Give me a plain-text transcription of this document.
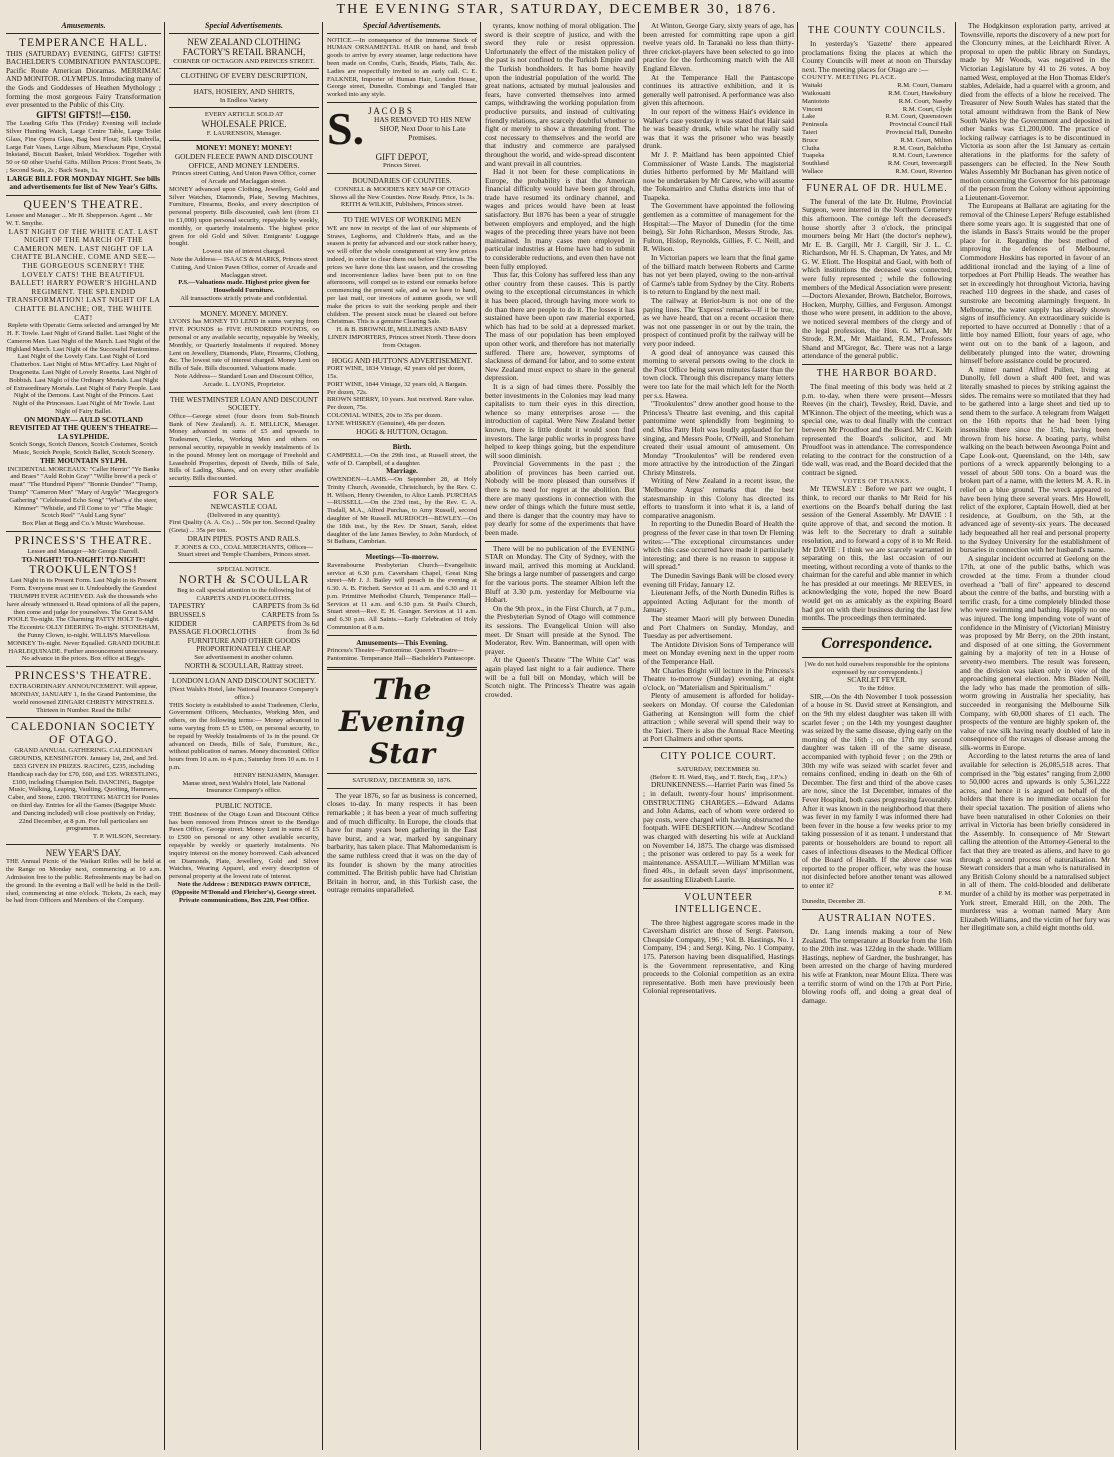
THE EVENING STAR, SATURDAY, DECEMBER 30, 1876.
Amusements.
TEMPERANCE HALL.
THIS (SATURDAY) EVENING, GIFTS! GIFTS! BACHELDER'S COMBINATION PANTASCOPE. Pacific Route American Dioramas. MERRIMAC AND MONITOR. OLYMPUS. Introducing many of the Gods and Goddesses of Heathen Mythology ; forming the most gorgeous Fairy Transformation ever presented to the Public of this City.
GIFTS! GIFTS!!—£150.
The Leading Gifts This (Friday) Evening will include Silver Hunting Watch, Large Centre Table, Large Toilet Glass, Fine Opera Glass, Bag best Flour, Silk Umbrella, Large Fair Vases, Large Album, Marschaum Pipe, Crystal Inkstand, Biscuit Basket, Inlaid Workbox. Together with 50 or 60 other Useful Gifts. Million Prices: Front Seats, 3s ; Second Seats, 2s ; Back Seats, 1s.
LARGE BILL FOR MONDAY NIGHT. See bills and advertisements for list of New Year's Gifts.
QUEEN'S THEATRE.
Lessee and Manager ... Mr H. Shepperson. Agent ... Mr W. T. Smythe.
LAST NIGHT OF THE WHITE CAT. LAST NIGHT OF THE MARCH OF THE CAMERON MEN. LAST NIGHT OF LA CHATTE BLANCHE. COME AND SEE— THE GORGEOUS SCENERY! THE LOVELY CATS! THE BEAUTIFUL BALLET! HARRY POWER'S HIGHLAND REGIMENT. THE SPLENDID TRANSFORMATION! LAST NIGHT OF LA CHATTE BLANCHE; OR, THE WHITE CAT!
Replete with Operatic Gems selected and arranged by Mr H. F. Towle. Last Night of Grand Ballet. Last Night of the Cameron Men. Last Night of the March. Last Night of the Highland March. Last Night of the Successful Pantomime. Last Night of the Lovely Cats. Last Night of Lord Chatterbox. Last Night of Miss M'Caffry. Last Night of Dragonetta. Last Night of Lovely Rosetta. Last Night of Bobbish. Last Night of the Ordinary Mortals. Last Night of Extraordinary Mortals. Last Night of Fairy People. Last Night of the Demons. Last Night of the Princes. Last Night of the Princesses. Last Night of Mr Towle. Last Night of Fairy Ballet.
ON MONDAY— AULD SCOTLAND REVISITED AT THE QUEEN'S THEATRE— LA SYLPHIDE.
Scotch Songs, Scotch Dances, Scotch Costumes, Scotch Music, Scotch People, Scotch Ballet, Scotch Scenery.
THE MOUNTAIN SYLPH.
INCIDENTAL MORCEAUX: "Caller Herrin" "Ye Banks and Braes" "Auld Robin Gray" "Willie brew'd a peck o' maut" "The Hundred Pipers" "Bonnie Dundee" "Tramp, Tramp" "Cameron Men" "Mary of Argyle" "Macgregor's Gathering" "Celebrated Echo Song" "What's a' the steer, Kimmer" "Whistle, and I'll Come to ye" "The Magic Scotch Reel" "Auld Lang Syne"
Box Plan at Begg and Co.'s Music Warehouse.
PRINCESS'S THEATRE.
Lessee and Manager—Mr George Darrell.
TO-NIGHT! TO-NIGHT! TO-NIGHT!
TROOKULENTOS!
Last Night in its Present Form. Last Night in its Present Form. Everyone must see it. Undoubtedly the Grandest TRIUMPH EVER ACHIEVED. Ask the thousands who have already witnessed it. Read opinions of all the papers, then come and judge for yourselves. The Great SAM POOLE To-night. The Charming PATTY HOLT To-night. The Eccentric OLLY DEERING To-night. STONEHAM, the Funny Clown, to-night. WILLIS'S Marvellous MONKEY To-night. Never Equalled. GRAND DOUBLE HARLEQUINADE. Further announcement unnecessary. No advance in the prices. Box office at Begg's.
PRINCESS'S THEATRE.
EXTRAORDINARY ANNOUNCEMENT. Will appear, MONDAY, JANUARY 1, In the Grand Pantomime, the world renowned ZINGARI CHRISTY MINSTRELS. Thirteen in Number. Read the Bills!
CALEDONIAN SOCIETY OF OTAGO.
GRAND ANNUAL GATHERING. CALEDONIAN GROUNDS, KENSINGTON. January 1st, 2nd, and 3rd. £833 GIVEN IN PRIZES. RACING, £235, including Handicap each day for £70, £60, and £35. WRESTLING, £100, including Champion Belt. DANCING, Bagpipe Music, Walking, Leaping, Vaulting, Quoiting, Hammers, Caber, and Stone, £200. TROTTING MATCH for Ponies on third day. Entries for all the Games (Bagpipe Music and Dancing included) will close positively on Friday, 22nd December, at 8 p.m. For full particulars see programmes.
T. P. WILSON, Secretary.
NEW YEAR'S DAY.
THE Annual Picnic of the Waikari Rifles will be held at the Range on Monday next, commencing at 10 a.m. Admission free to the public. Refreshments may be had on the ground. In the evening a Ball will be held in the Drill-shed, commencing at nine o'clock. Tickets, 2s each, may be had from Officers and Members of the Company.
Special Advertisements.
NEW ZEALAND CLOTHING FACTORY'S RETAIL BRANCH,
CORNER OF OCTAGON AND PRINCES STREET.
CLOTHING OF EVERY DESCRIPTION,
HATS, HOSIERY, AND SHIRTS,
In Endless Variety
EVERY ARTICLE SOLD AT
WHOLESALE PRICE.
F. LAURENSON, Manager.
MONEY! MONEY! MONEY!
GOLDEN FLEECE PAWN AND DISCOUNT OFFICE, AND MONEY LENDERS.
Princes street Cutting, And Union Pawn Office, corner of Arcade and Maclaggan street.
MONEY advanced upon Clothing, Jewellery, Gold and Silver Watches, Diamonds, Plate, Sewing Machines, Furniture, Firearms, Books, and every description of personal property. Bills discounted, cash lent (from £1 to £1,000) upon personal security, repayable by weekly, monthly, or quarterly instalments. The highest price given for old Gold and Silver. Emigrants' Luggage bought.
Lowest rate of interest charged.
Note the Address— ISAACS & MARKS, Princes street Cutting, And Union Pawn Office, corner of Arcade and Maclaggan street.
P.S.—Valuations made. Highest price given for Household Furniture.
All transactions strictly private and confidential.
MONEY. MONEY. MONEY.
LYONS has MONEY TO LEND in sums varying from FIVE POUNDS to FIVE HUNDRED POUNDS, on personal or any available security, repayable by Weekly, Monthly, or Quarterly Instalments if required. Money Lent on Jewellery, Diamonds, Plate, Firearms, Clothing, &c. The lowest rate of interest charged. Money Lent on Bills of Sale. Bills discounted. Valuations made.
Note Address— Standard Loan and Discount Office, Arcade. L. LYONS, Proprietor.
THE WESTMINSTER LOAN AND DISCOUNT SOCIETY.
Office—George street (four doors from Sub-Branch Bank of New Zealand). A. E. MELLICK, Manager. Money advanced in sums of £5 and upwards to Tradesmen, Clerks, Working Men and others on personal security, repayable in weekly instalments of 1s in the pound. Money lent on mortgage of Freehold and Leasehold Properties, deposit of Deeds, Bills of Sale, Bills of Lading, Shares, and on every other available security. Bills discounted.
FOR SALE
NEWCASTLE COAL
(Delivered in any quantity).
First Quality (A. A. Co.) ... 50s per ton. Second Quality (Greta) ... 35s per ton.
DRAIN PIPES. POSTS AND RAILS.
F. JONES & CO., COAL MERCHANTS, Offices—Stuart street and Temple Chambers, Princes street.
SPECIAL NOTICE.
NORTH & SCOULLAR
Beg to call special attention to the following list of CARPETS AND FLOORCLOTHS.
TAPESTRY	CARPETS from 3s 6d
BRUSSELS	CARPETS from 5s
KIDDER	CARPETS from 3s 6d
PASSAGE FLOORCLOTHS	from 3s 6d
FURNITURE AND OTHER GOODS PROPORTIONATELY CHEAP.
See advertisement in another column.
NORTH & SCOULLAR, Rattray street.
LONDON LOAN AND DISCOUNT SOCIETY.
(Next Walsh's Hotel, late National Insurance Company's office.)
THIS Society is established to assist Tradesmen, Clerks, Government Officers, Mechanics, Working Men, and others, on the following terms:— Money advanced in sums varying from £5 to £500, on personal security, to be repaid by Weekly Instalments of 1s in the pound. Or advanced on Deeds, Bills of Sale, Furniture, &c., without publication of names. Money discounted. Office hours from 10 a.m. to 4 p.m.; Saturday from 10 a.m. to 1 p.m.
HENRY BENJAMIN, Manager.
Manse street, next Walsh's Hotel, late National Insurance Company's office.
PUBLIC NOTICE.
THE Business of the Otago Loan and Discount Office has been removed from Princes street to the Bendigo Pawn Office, George street. Money Lent in sums of £5 to £500 on personal or any other available security, repayable by weekly or quarterly instalments. No inquiry interest on the money borrowed. Cash advanced on Diamonds, Plate, Jewellery, Gold and Silver Watches, Wearing Apparel, and every description of personal property at the lowest rate of interest.
Note the Address : BENDIGO PAWN OFFICE, (Opposite M'Donald and Fletcher's), George street. Private communications, Box 220, Post Office.
Special Advertisements.
NOTICE.—In consequence of the immense Stock of HUMAN ORNAMENTAL HAIR on hand, and fresh goods to arrive by every steamer, large reductions have been made on Combs, Curls, Braids, Plaits, Tails, &c. Ladies are respectfully invited to an early call. C. E. FALKNER, Importer of Human Hair, London House, George street, Dunedin. Combings and Tangled Hair worked into any style.
S. J A C O B S
HAS REMOVED TO HIS NEW SHOP, Next Door to his Late Premises.
GIFT DEPOT,
Princes Street.
BOUNDARIES OF COUNTIES.
CONNELL & MOODIE'S KEY MAP OF OTAGO Shows all the New Counties. Now Ready. Price, 1s 3s.
REITH & WILKIE, Publishers, Princes street.
TO THE WIVES OF WORKING MEN
WE are now in receipt of the last of our shipments of Straws, Leghorns, and Children's Hats, and as the season is pretty far advanced and our stock rather heavy, we will offer the whole consignment at very low prices indeed, in order to clear them out before Christmas. The prices we have done this last season, and the crowding and inconvenience ladies have been put to on fine afternoons, will compel us to extend our remarks before commencing the present sale, and as we have to hand, per last mail, our invoices of autumn goods, we will make the prices to suit the working people and their children. The present stock must be cleared out before Christmas. This is a genuine Clearing Sale.
H. & B. BROWNLIE, MILLINERS AND BABY LINEN IMPORTERS, Princes street North. Three doors from Octagon.
HOGG AND HUTTON'S ADVERTISEMENT.
PORT WINE, 1834 Vintage, 42 years old per dozen, 15s.
PORT WINE, 1844 Vintage, 32 years old, A Bargain. Per dozen, 72s.
BROWN SHERRY, 10 years. Just received. Rare value. Per dozen, 75s.
COLONIAL WINES, 20s to 35s per dozen.
LYNE WHISKEY (Genuine), 48s per dozen.
HOGG & HUTTON, Octagon.
Birth.
CAMPBELL.—On the 29th inst., at Russell street, the wife of D. Campbell, of a daughter.
Marriage.
OWENDEN—LAMB.—On September 28, at Holy Trinity Church, Avonside, Christchurch, by the Rev. C. H. Wilson, Henry Owenden, to Alice Lamb. PURCHAS—RUSSELL.—On the 23rd inst., by the Rev. C. A. Tisdall, M.A., Alfred Purchas, to Amy Russell, second daughter of Mr Russell. MURDOCH—BEWLEY.—On the 18th inst., by the Rev. Dr Stuart, Sarah, eldest daughter of the late James Bewley, to John Murdoch, of St Bathans, Cambrian.
Meetings—To-morrow.
Ravensbourne Presbyterian Church—Evangelistic service at 6.30 p.m. Caversham Chapel, Great King street—Mr J. J. Bailey will preach in the evening at 6.30. A. B. Fitchett. Service at 11 a.m. and 6.30 and 11 p.m. Primitive Methodist Church, Temperance Hall—Services at 11 a.m. and 6.30 p.m. St Paul's Church, Stuart street—Rev. E. H. Granger. Services at 11 a.m. and 6.30 p.m. All Saints.—Early Celebration of Holy Communion at 8 a.m.
Amusements—This Evening.
Princess's Theatre—Pantomime. Queen's Theatre—Pantomime. Temperance Hall—Bachelder's Pantascope.
The Evening Star
SATURDAY, DECEMBER 30, 1876.
The year 1876, so far as business is concerned, closes to-day. In many respects it has been remarkable ; it has been a year of much suffering and of much difficulty. In Europe, the clouds that have for many years been gathering in the East have burst, and a war, marked by sanguinary barbarity, has taken place. That Mahomedanism is the same ruthless creed that it was on the day of its founder is shown by the many atrocities committed. The British public have had Christian Britain in horror, and, in this Turkish case, the outrage remains unparalleled.
tyrants, know nothing of moral obligation. The sword is their sceptre of justice, and with the sword they rule or resist oppression. Unfortunately the effect of the mistaken policy of the past is not confined to the Turkish Empire and the Turkish bondholders. It has borne heavily upon the industrial population of the world. The great nations, actuated by mutual jealousies and fears, have converted themselves into armed camps, withdrawing the working population from productive pursuits, and instead of cultivating friendly relations, are scarcely doubtful whether to fight or merely to show a threatening front. The cost necessary to themselves and the world are that industry and commerce are paralysed throughout the world, and wide-spread discontent and want prevail in all countries.
Had it not been for these complications in Europe, the probability is that the American financial difficulty would have been got through, trade have resumed its ordinary channel, and wages and prices would have been at least satisfactory. But 1876 has been a year of struggle between employers and employed, and the high wages of the preceding three years have not been maintained. In many cases men employed in particular industries at Home have had to submit to considerable reductions, and even then have not been fully employed.
Thus far, this Colony has suffered less than any other country from these causes. This is partly owing to the exceptional circumstances in which it has been placed, through having more work to do than there are people to do it. The losses it has sustained have been upon raw material exported, which has had to be sold at a depressed market. The mass of our population has been employed upon other work, and therefore has not materially suffered. There are, however, symptoms of slackness of demand for labor, and to some extent New Zealand must expect to share in the general depression.
It is a sign of bad times there. Possibly the better investments in the Colonies may lead many capitalists to turn their eyes in this direction, whence so many enterprises arose — the introduction of capital. Were New Zealand better known, there is little doubt it would soon find investors. The large public works in progress have helped to keep things going, but the expenditure will soon diminish.
Provincial Governments in the past ; the abolition of provinces has been carried out. Nobody will be more pleased than ourselves if there is no need for regret at the abolition. But there are many questions in connection with the new order of things which the future must settle, and there is danger that the country may have to pay dearly for some of the experiments that have been made.
There will be no publication of the EVENING STAR on Monday. The City of Sydney, with the inward mail, arrived this morning at Auckland. She brings a large number of passengers and cargo for the various ports. The steamer Albion left the Bluff at 3.30 p.m. yesterday for Melbourne via Hobart.
On the 9th prox., in the First Church, at 7 p.m., the Presbyterian Synod of Otago will commence its sessions. The Evangelical Union will also meet. Dr Stuart will preside at the Synod. The Moderator, Rev. Wm. Bannerman, will open with prayer.
At the Queen's Theatre "The White Cat" was again played last night to a fair audience. There will be a full bill on Monday, which will be Scotch night. The Princess's Theatre was again crowded.
At Winton, George Gary, sixty years of age, has been arrested for committing rape upon a girl twelve years old. In Taranaki no less than thirty-three cricket-players have been selected to go into practice for the forthcoming match with the All England Eleven.
At the Temperance Hall the Pantascope continues its attractive exhibition, and it is generally well patronised. A performance was also given this afternoon.
In our report of the witness Hair's evidence in Walker's case yesterday it was stated that Hair said he was beastly drunk, while what he really said was that it was the prisoner who was beastly drunk.
Mr J. P. Maitland has been appointed Chief Commissioner of Waste Lands. The magisterial duties hitherto performed by Mr Maitland will now be undertaken by Mr Carew, who will assume the Tokomairiro and Clutha districts into that of Tuapeka.
The Government have appointed the following gentlemen as a committee of management for the Hospital:—The Mayor of Dunedin (for the time being), Sir John Richardson, Messrs Strode, Jas. Fulton, Hislop, Reynolds, Gillies, F. C. Neill, and R. Wilson.
In Victorian papers we learn that the final game of the billiard match between Roberts and Carme has not yet been played, owing to the non-arrival of Carme's table from Sydney by the City. Roberts is to return to England by the next mail.
The railway at Heriot-burn is not one of the paying lines. The 'Express' remarks—If it be true, as we have heard, that on a recent occasion there was not one passenger in or out by the train, the prospect of continued profit by the railway will be very poor indeed.
A good deal of annoyance was caused this morning to several persons owing to the clock in the Post Office being seven minutes faster than the town clock. Through this discrepancy many letters were too late for the mail which left for the North per s.s. Hawea.
"Trookulentos" drew another good house to the Princess's Theatre last evening, and this capital pantomime went splendidly from beginning to end. Miss Patty Holt was loudly applauded for her singing, and Messrs Poole, O'Neill, and Stoneham created their usual amount of amusement. On Monday "Trookulentos" will be rendered even more attractive by the introduction of the Zingari Christy Minstrels.
Writing of New Zealand in a recent issue, the 'Melbourne Argus' remarks that the best statesmanship in this Colony has directed its efforts to transform it into what it is, a land of comparative anagonism.
In reporting to the Dunedin Board of Health the progress of the fever case in that town Dr Fleming writes:—"The exceptional circumstances under which this case occurred have made it particularly interesting; and there is no reason to suppose it will spread."
The Dunedin Savings Bank will be closed every evening till Friday, January 12.
Lieutenant Jeffs, of the North Dunedin Rifles is appointed Acting Adjutant for the month of January.
The steamer Maori will ply between Dunedin and Port Chalmers on Sunday, Monday, and Tuesday as per advertisement.
The Antidote Division Sons of Temperance will meet on Monday evening next in the upper room of the Temperance Hall.
Mr Charles Bright will lecture in the Princess's Theatre to-morrow (Sunday) evening, at eight o'clock, on "Materialism and Spiritualism."
Plenty of amusement is afforded for holiday-seekers on Monday. Of course the Caledonian Gathering at Kensington will form the chief attraction ; while several will spend their way to the Taieri. There is also the Annual Race Meeting at Port Chalmers and other sports.
CITY POLICE COURT.
SATURDAY, DECEMBER 30.
(Before E. H. Ward, Esq., and T. Birch, Esq., J.P.'s.)
DRUNKENNESS.—Harriet Parin was fined 5s ; in default, twenty-four hours' imprisonment. OBSTRUCTING CHARGES.—Edward Adams and John Adams, each of whom were ordered to pay costs, were charged with having obstructed the footpath. WIFE DESERTION.—Andrew Scotland was charged with deserting his wife at Auckland on November 14, 1875. The charge was dismissed ; the prisoner was ordered to pay 5s a week for maintenance. ASSAULT.—William M'Millan was fined 40s., in default seven days' imprisonment, for assaulting Elizabeth Laurie.
VOLUNTEER INTELLIGENCE.
The three highest aggregate scores made in the Caversham district are those of Sergt. Paterson, Cheapside Company, 196 ; Vol. B. Hastings, No. 1 Company, 194 ; and Sergt. King, No. 1 Company, 175. Paterson having been disqualified, Hastings is the Government representative, and King proceeds to the Colonial competition as an extra representative. Both men have previously been Colonial representatives.
THE COUNTY COUNCILS.
In yesterday's 'Gazette' there appeared proclamations fixing the places at which the County Councils will meet at noon on Thursday next. The meeting places for Otago are :—
COUNTY. MEETING PLACE.
Waitaki	R.M. Court, Oamaru
Waikouaiti	R.M. Court, Hawksbury
Maniototo	R.M. Court, Naseby
Vincent	R.M. Court, Clyde
Lake	R.M. Court, Queenstown
Peninsula	Provincial Council Hall
Taieri	Provincial Hall, Dunedin
Bruce	R.M. Court, Milton
Clutha	R.M. Court, Balclutha
Tuapeka	R.M. Court, Lawrence
Southland	R.M. Court, Invercargill
Wallace	R.M. Court, Riverton
FUNERAL OF DR. HULME.
The funeral of the late Dr. Hulme, Provincial Surgeon, were interred in the Northern Cemetery this afternoon. The cortége left the deceased's house shortly after 3 o'clock, the principal mourners being Mr Hart (the doctor's nephew), Mr E. B. Cargill, Mr J. Cargill, Sir J. L. C. Richardson, Mr H. S. Chapman, Dr Yates, and Mr G. W. Eliott. The Hospital and Gaol, with both of which institutions the deceased was connected, were fully represented ; while the following members of the Medical Association were present:—Doctors Alexander, Brown, Batchelor, Borrows, Hocken, Murphy, Gillies, and Ferguson. Amongst those who were present, in addition to the above, we noticed several members of the clergy and of the legal profession, the Hon. G. M'Lean, Mr Strode, R.M., Mr Maitland, R.M., Professors Shand and M'Gregor, &c. There was not a large attendance of the general public.
THE HARBOR BOARD.
The final meeting of this body was held at 2 p.m. to-day, when there were present—Messrs Reeves (in the chair), Tewsley, Reid, Davie, and M'Kinnon. The object of the meeting, which was a special one, was to deal finally with the contract between Mr Proudfoot and the Board. Mr C. Keith represented the Board's solicitor, and Mr Proudfoot was in attendance. The correspondence relating to the contract for the construction of a tide wall, was read, and the Board decided that the contract be signed.
VOTES OF THANKS.
Mr TEWSLEY : Before we part we ought, I think, to record our thanks to Mr Reid for his exertions on the Board's behalf during the last session of the General Assembly. Mr DAVIE : I quite approve of that, and second the motion. It was left to the Secretary to draft a suitable resolution, and to forward a copy of it to Mr Reid. Mr DAVIE : I think we are scarcely warranted in separating on this, the last occasion of our meeting, without recording a vote of thanks to the chairman for the careful and able manner in which he has presided at our meetings. Mr REEVES, in acknowledging the vote, hoped the new Board would get on as amicably as the expiring Board had got on with their business during the last few months. The proceedings then terminated.
Correspondence.
[We do not hold ourselves responsible for the opinions expressed by our correspondents.]
SCARLET FEVER.
To the Editor.
SIR,—On the 4th November I took possession of a house in St. David street at Kensington, and on the 9th my eldest daughter was taken ill with scarlet fever ; on the 14th my youngest daughter was seized by the same disease, dying early on the morning of the 16th ; on the 17th my second daughter was taken ill of the same disease, accompanied with typhoid fever ; on the 29th or 30th my wife was seized with scarlet fever and remains confined, ending in death on the 6th of December. The first and third of the above cases are now, since the 1st December, inmates of the Fever Hospital, both cases progressing favourably. After it was known in the neighborhood that there was fever in my family I was informed there had been fever in the house a few weeks prior to my taking possession of it as tenant. I understand that parents or householders are bound to report all cases of infectious diseases to the Medical Officer of the Board of Health. If the above case was reported to the proper officer, why was the house not disinfected before another tenant was allowed to enter it?
P. M.
Dunedin, December 28.
AUSTRALIAN NOTES.
Dr. Lang intends making a tour of New Zealand. The temperature at Bourke from the 16th to the 20th inst. was 122deg in the shade. William Hastings, nephew of Gardner, the bushranger, has been arrested on the charge of having murdered his wife at Frankton, near Mount Eliza. There was a terrific storm of wind on the 17th at Port Pirie, blowing roofs off, and doing a great deal of damage.
The Hodgkinson exploration party, arrived at Townsville, reports the discovery of a new port for the Cloncurry mines, at the Leichhardt River. A proposal to open the public library on Sundays, made by Mr Woods, was negatived in the Victorian Legislature by 41 to 26 votes. A boy named West, employed at the Hon Thomas Elder's stables, Adelaide, had a quarrel with a groom, and died from the effects of a blow he received. The Treasurer of New South Wales has stated that the total amount withdrawn from the Bank of New South Wales by the Government and deposited in other banks was £1,200,000. The practice of locking railway carriages is to be discontinued in Victoria as soon after the 1st January as certain alterations in the platforms for the safety of passengers can be effected. In the New South Wales Assembly Mr Buchanan has given notice of motion concerning the Governor for his patronage of the person from the Colony without appointing a Lieutenant-Governor.
The Europeans at Ballarat are agitating for the removal of the Chinese Lepers' Refuge established there some years ago. It is suggested that one of the islands in Bass's Straits would be the proper place for it. Regarding the best method of improving the defences of Melbourne, Commodore Hoskins has reported in favour of an additional ironclad and the laying of a line of torpedoes at Port Phillip Heads. The weather has set in exceedingly hot throughout Victoria, having reached 110 degrees in the shade, and cases of sunstroke are becoming alarmingly frequent. In Melbourne, the water supply has already shown signs of insufficiency. An extraordinary suicide is reported to have occurred at Donnelly : that of a little boy named Elliott, four years of age, who went out on to the bank of a lagoon, and deliberately plunged into the water, drowning himself before assistance could be procured.
A miner named Alfred Pullen, living at Dunolly, fell down a shaft 400 feet, and was literally smashed to pieces by striking against the sides. The remains were so mutilated that they had to be gathered into a large sheet and tied up to send them to the surface. A telegram from Walgett on the 16th reports that he had been lying insensible there since the 15th, having been thrown from his horse. A boating party, whilst walking on the beach between Awoonga Point and Cape Look-out, Queensland, on the 14th, saw portions of a wreck apparently belonging to a vessel of about 500 tons. On a board was the broken part of a name, with the letters M. A. R. in relief on a blue ground. The wreck appeared to have been lying there several years. Mrs Howell, relict of the explorer, Captain Howell, died at her residence, at Goulburn, on the 5th, at the advanced age of seventy-six years. The deceased lady bequeathed all her real and personal property to the Sydney University for the establishment of bursaries in connection with her husband's name.
A singular incident occurred at Geelong on the 17th, at one of the public baths, which was crowded at the time. From a thunder cloud overhead a "ball of fire" appeared to descend about the centre of the baths, and bursting with a terrific crash, for a time completely blinded those who were swimming and bathing. Happily no one was injured. The long impending vote of want of confidence in the Ministry of (Victorian) Ministry was proposed by Mr Berry, on the 20th instant, and disposed of at one sitting, the Government gaining by a majority of ten in a House of seventy-two members. The result was foreseen, and the division was taken only in view of the approaching general election. Mrs Bladen Neill, the lady who has made the promotion of silk-worm growing in Australia her speciality, has succeeded in reorganising the Melbourne Silk Company, with 60,000 shares of £1 each. The prospects of the venture are highly spoken of, the value of raw silk having nearly doubled of late in consequence of the ravages of disease among the silk-worms in Europe.
According to the latest returns the area of land available for selection is 26,085,518 acres. That comprised in the "big estates" ranging from 2,000 to 50,000 acres and upwards is only 5,361,222 acres, and hence it is argued on behalf of the holders that there is no immediate occasion for their special taxation. The position of aliens who have been naturalised in other Colonies on their arrival in Victoria has been briefly considered in the Assembly. In consequence of Mr Stewart calling the attention of the Attorney-General to the fact that they are treated as aliens, and have to go through a second process of naturalisation. Mr Stewart considers that a man who is naturalised in any British Colony should be a naturalised subject in all of them. The cold-blooded and deliberate murder of a child by its mother was perpetrated in York street, Emerald Hill, on the 20th. The murderess was a woman named Mary Ann Elizabeth Williams, and the victim of her fury was her illegitimate son, a child eight months old.
